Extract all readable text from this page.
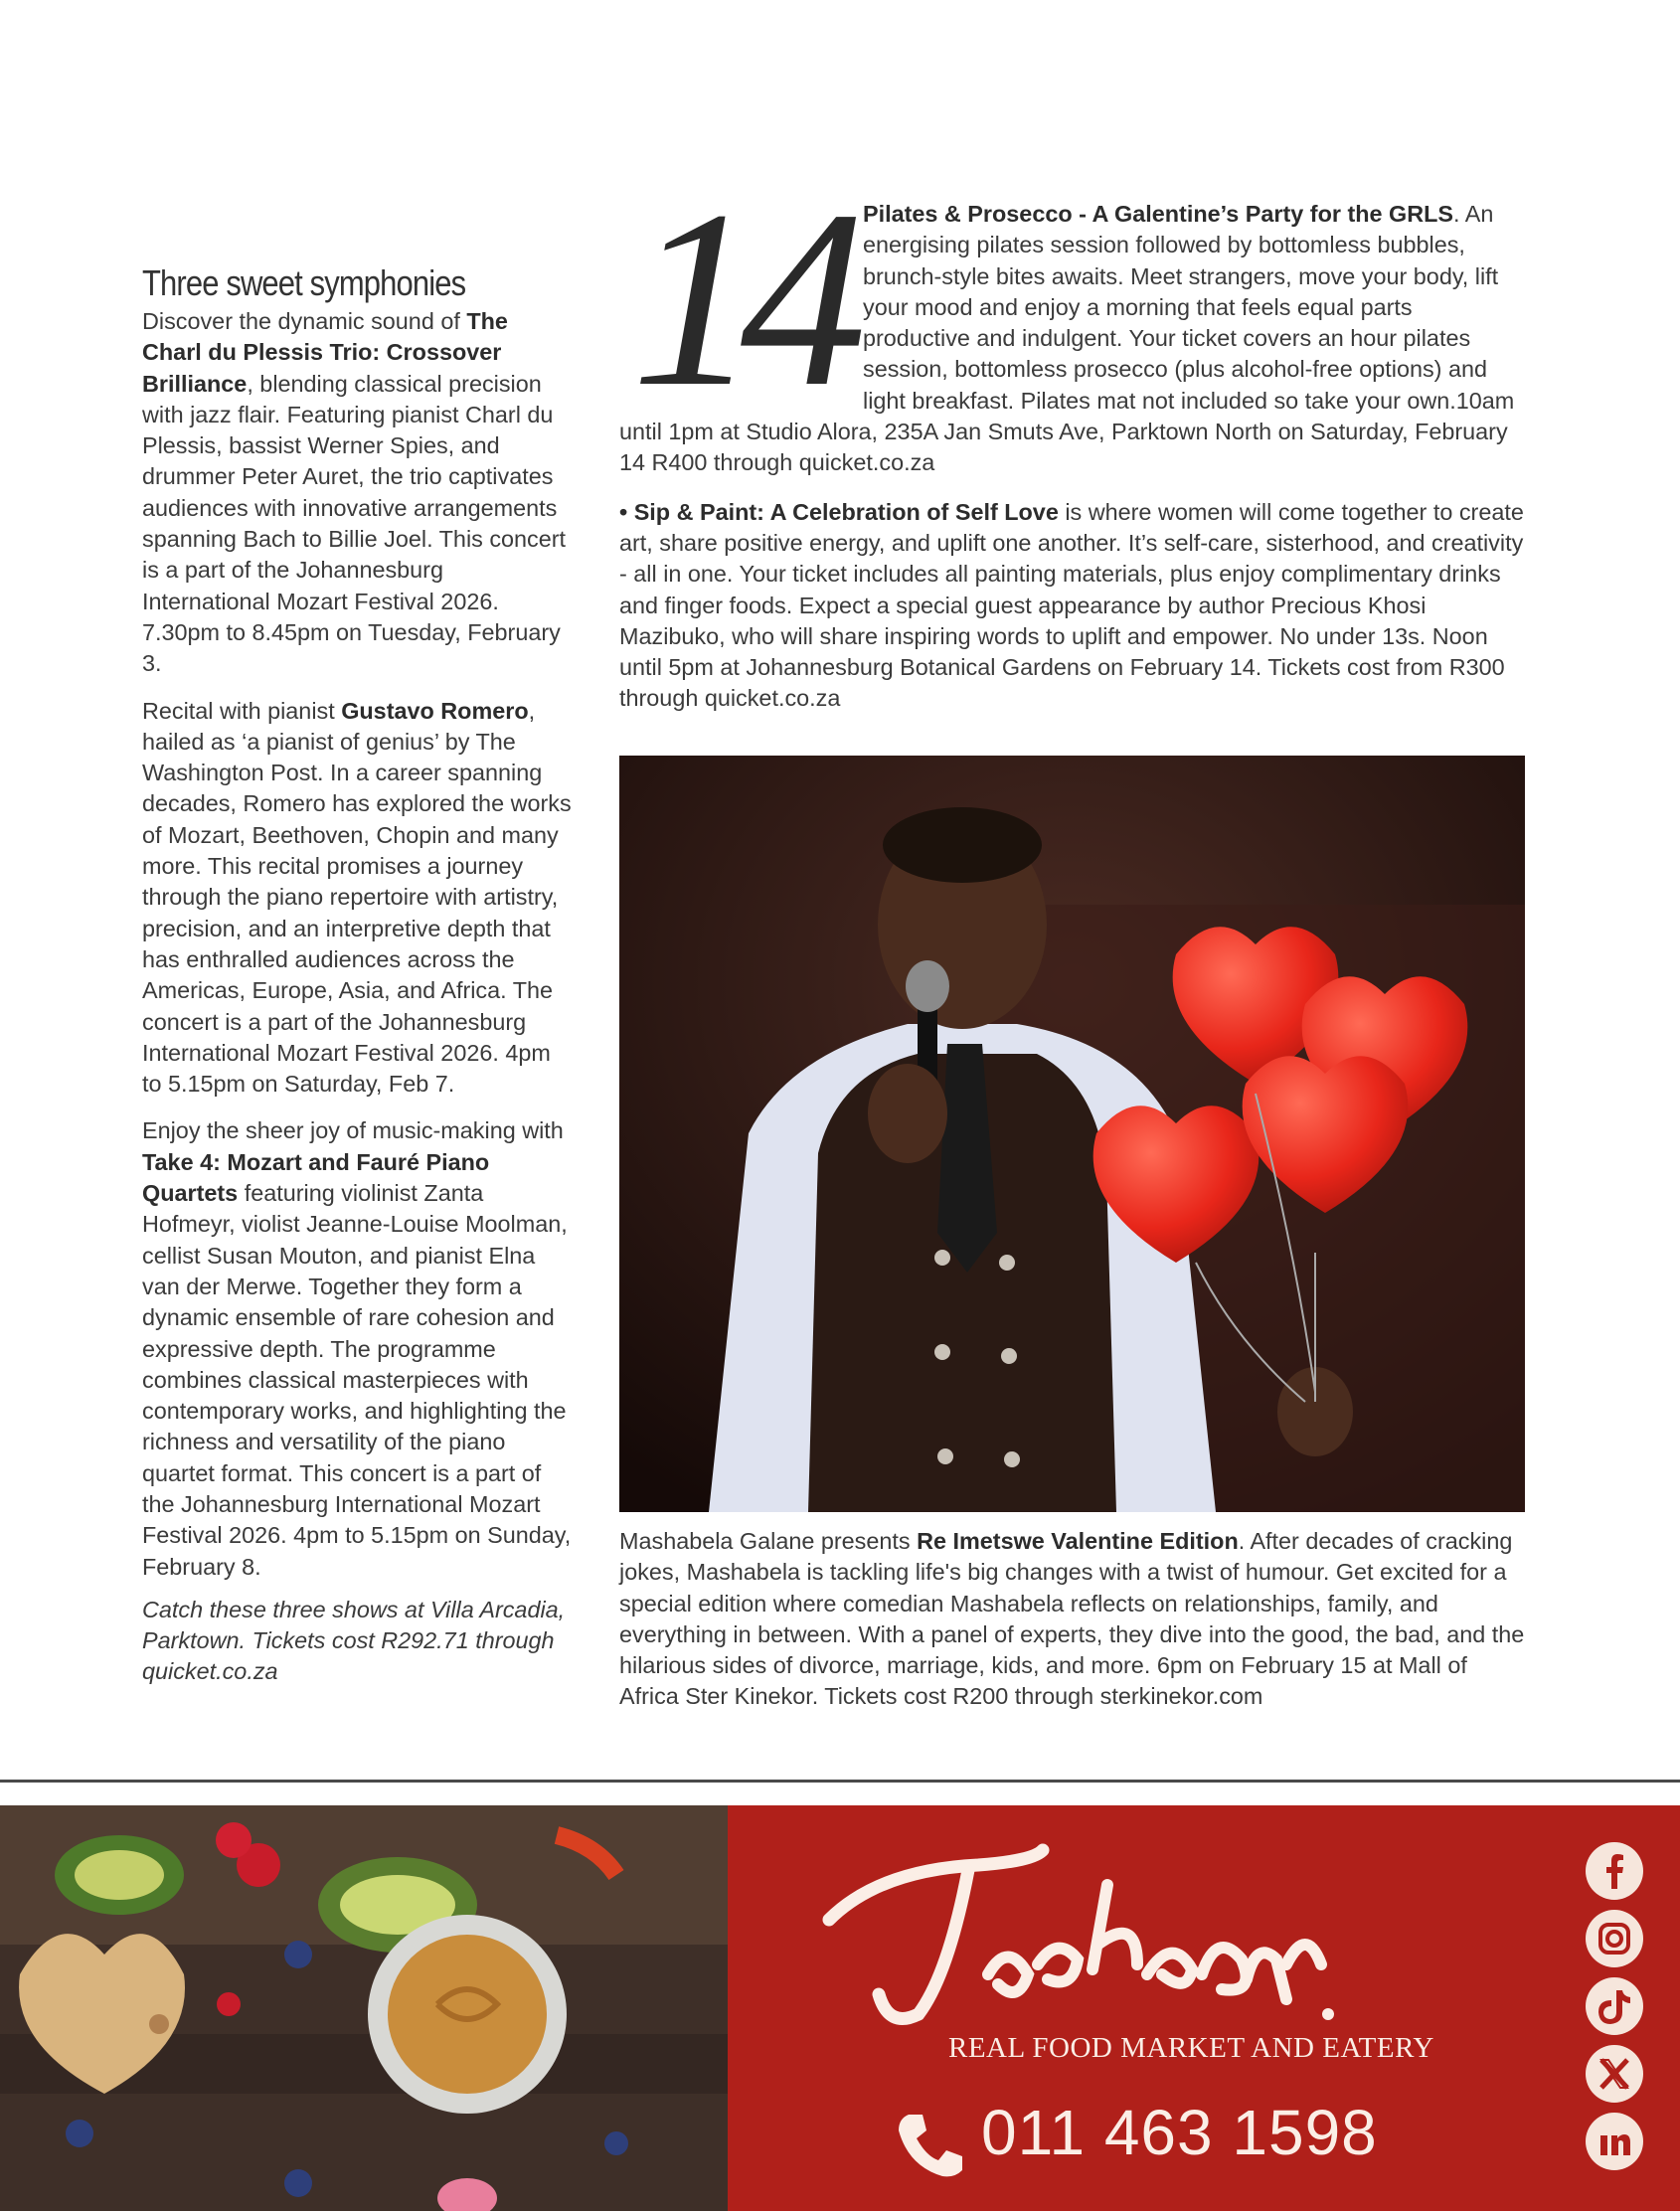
Three sweet symphonies

Discover the dynamic sound of The Charl du Plessis Trio: Crossover Brilliance, blending classical precision with jazz flair. Featuring pianist Charl du Plessis, bassist Werner Spies, and drummer Peter Auret, the trio captivates audiences with innovative arrangements spanning Bach to Billie Joel. This concert is a part of the Johannesburg International Mozart Festival 2026. 7.30pm to 8.45pm on Tuesday, February 3.

Recital with pianist Gustavo Romero, hailed as ‘a pianist of genius’ by The Washington Post. In a career spanning decades, Romero has explored the works of Mozart, Beethoven, Chopin and many more. This recital promises a journey through the piano repertoire with artistry, precision, and an interpretive depth that has enthralled audiences across the Americas, Europe, Asia, and Africa. The concert is a part of the Johannesburg International Mozart Festival 2026. 4pm to 5.15pm on Saturday, Feb 7.

Enjoy the sheer joy of music-making with Take 4: Mozart and Fauré Piano Quartets featuring violinist Zanta Hofmeyr, violist Jeanne-Louise Moolman, cellist Susan Mouton, and pianist Elna van der Merwe. Together they form a dynamic ensemble of rare cohesion and expressive depth. The programme combines classical masterpieces with contemporary works, and highlighting the richness and versatility of the piano quartet format. This concert is a part of the Johannesburg International Mozart Festival 2026. 4pm to 5.15pm on Sunday, February 8.

Catch these three shows at Villa Arcadia, Parktown. Tickets cost R292.71 through quicket.co.za

14 Pilates & Prosecco - A Galentine’s Party for the GRLS. An energising pilates session followed by bottomless bubbles, brunch-style bites awaits. Meet strangers, move your body, lift your mood and enjoy a morning that feels equal parts productive and indulgent. Your ticket covers an hour pilates session, bottomless prosecco (plus alcohol-free options) and light breakfast. Pilates mat not included so take your own.10am until 1pm at Studio Alora, 235A Jan Smuts Ave, Parktown North on Saturday, February 14 R400 through quicket.co.za

• Sip & Paint: A Celebration of Self Love is where women will come together to create art, share positive energy, and uplift one another. It’s self-care, sisterhood, and creativity - all in one. Your ticket includes all painting materials, plus enjoy complimentary drinks and finger foods. Expect a special guest appearance by author Precious Khosi Mazibuko, who will share inspiring words to uplift and empower. No under 13s. Noon until 5pm at Johannesburg Botanical Gardens on February 14. Tickets cost from R300 through quicket.co.za

Mashabela Galane presents Re Imetswe Valentine Edition. After decades of cracking jokes, Mashabela is tackling life's big changes with a twist of humour. Get excited for a special edition where comedian Mashabela reflects on relationships, family, and everything in between. With a panel of experts, they dive into the good, the bad, and the hilarious sides of divorce, marriage, kids, and more. 6pm on February 15 at Mall of Africa Ster Kinekor. Tickets cost R200 through sterkinekor.com
REAL FOOD MARKET AND EATERY
011 463 1598
